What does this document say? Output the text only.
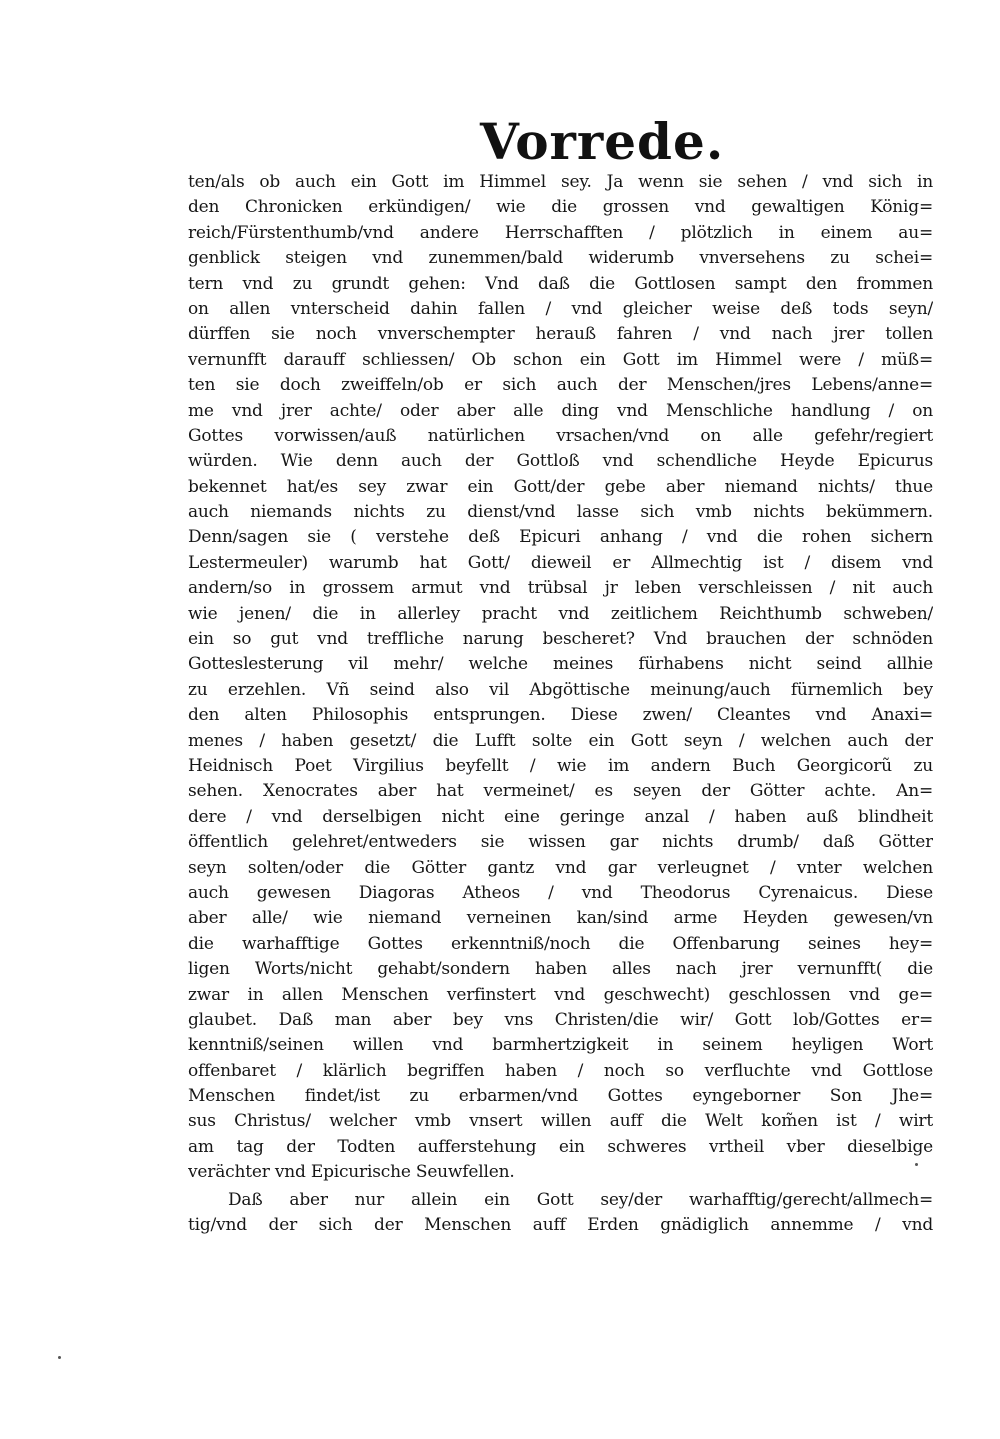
Vorrede.
ten/als ob auch ein Gott im Himmel sey. Ja wenn sie sehen / vnd sich in
den Chronicken erkündigen/ wie die grossen vnd gewaltigen König=
reich/Fürstenthumb/vnd andere Herrschafften / plötzlich in einem au=
genblick steigen vnd zunemmen/bald widerumb vnversehens zu schei=
tern vnd zu grundt gehen: Vnd daß die Gottlosen sampt den frommen
on allen vnterscheid dahin fallen / vnd gleicher weise deß tods seyn/
dürffen sie noch vnverschempter herauß fahren / vnd nach jrer tollen
vernunfft darauff schliessen/ Ob schon ein Gott im Himmel were / müß=
ten sie doch zweiffeln/ob er sich auch der Menschen/jres Lebens/anne=
me vnd jrer achte/ oder aber alle ding vnd Menschliche handlung / on
Gottes vorwissen/auß natürlichen vrsachen/vnd on alle gefehr/regiert
würden. Wie denn auch der Gottloß vnd schendliche Heyde Epicurus
bekennet hat/es sey zwar ein Gott/der gebe aber niemand nichts/ thue
auch niemands nichts zu dienst/vnd lasse sich vmb nichts bekümmern.
Denn/sagen sie ( verstehe deß Epicuri anhang / vnd die rohen sichern
Lestermeuler) warumb hat Gott/ dieweil er Allmechtig ist / disem vnd
andern/so in grossem armut vnd trübsal jr leben verschleissen / nit auch
wie jenen/ die in allerley pracht vnd zeitlichem Reichthumb schweben/
ein so gut vnd treffliche narung bescheret? Vnd brauchen der schnöden
Gotteslesterung vil mehr/ welche meines fürhabens nicht seind allhie
zu erzehlen. Vñ seind also vil Abgöttische meinung/auch fürnemlich bey
den alten Philosophis entsprungen. Diese zwen/ Cleantes vnd Anaxi=
menes / haben gesetzt/ die Lufft solte ein Gott seyn / welchen auch der
Heidnisch Poet Virgilius beyfellt / wie im andern Buch Georgicorũ zu
sehen. Xenocrates aber hat vermeinet/ es seyen der Götter achte. An=
dere / vnd derselbigen nicht eine geringe anzal / haben auß blindheit
öffentlich gelehret/entweders sie wissen gar nichts drumb/ daß Götter
seyn solten/oder die Götter gantz vnd gar verleugnet / vnter welchen
auch gewesen Diagoras Atheos / vnd Theodorus Cyrenaicus. Diese
aber alle/ wie niemand verneinen kan/sind arme Heyden gewesen/vn
die warhafftige Gottes erkenntniß/noch die Offenbarung seines hey=
ligen Worts/nicht gehabt/sondern haben alles nach jrer vernunfft( die
zwar in allen Menschen verfinstert vnd geschwecht) geschlossen vnd ge=
glaubet. Daß man aber bey vns Christen/die wir/ Gott lob/Gottes er=
kenntniß/seinen willen vnd barmhertzigkeit in seinem heyligen Wort
offenbaret / klärlich begriffen haben / noch so verfluchte vnd Gottlose
Menschen findet/ist zu erbarmen/vnd Gottes eyngeborner Son Jhe=
sus Christus/ welcher vmb vnsert willen auff die Welt kom̃en ist / wirt
am tag der Todten aufferstehung ein schweres vrtheil vber dieselbige
verächter vnd Epicurische Seuwfellen.
Daß aber nur allein ein Gott sey/der warhafftig/gerecht/allmech=
tig/vnd der sich der Menschen auff Erden gnädiglich annemme / vnd
